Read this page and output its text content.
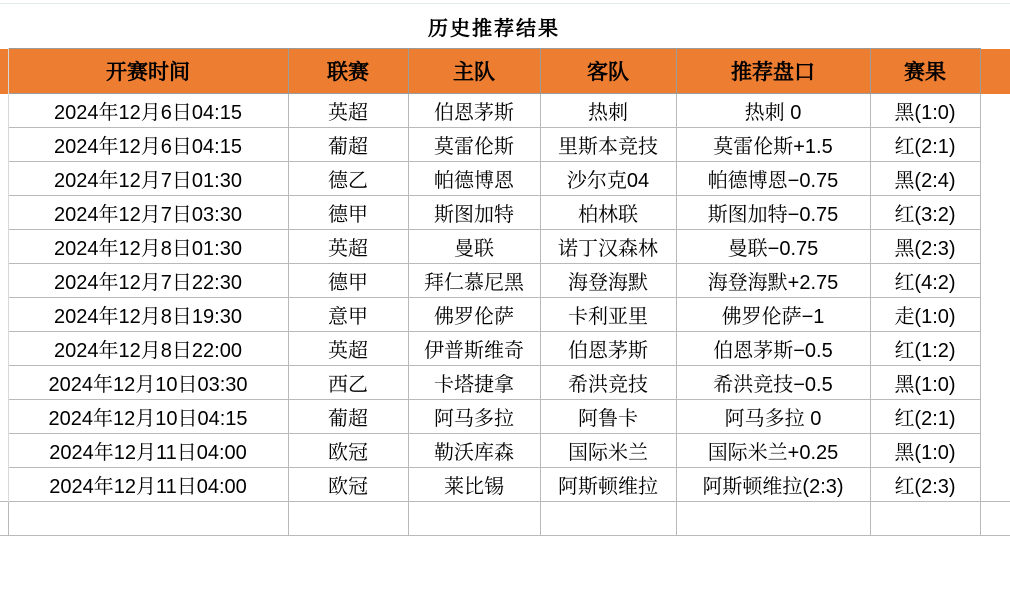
	历史推荐结果						
	开赛时间	联赛	主队	客队	推荐盘口	赛果	
	2024年12月6日04:15	英超	伯恩茅斯	热刺	热刺 0	黑(1:0)	
	2024年12月6日04:15	葡超	莫雷伦斯	里斯本竞技	莫雷伦斯+1.5	红(2:1)	
	2024年12月7日01:30	德乙	帕德博恩	沙尔克04	帕德博恩−0.75	黑(2:4)	
	2024年12月7日03:30	德甲	斯图加特	柏林联	斯图加特−0.75	红(3:2)	
	2024年12月8日01:30	英超	曼联	诺丁汉森林	曼联−0.75	黑(2:3)	
	2024年12月7日22:30	德甲	拜仁慕尼黑	海登海默	海登海默+2.75	红(4:2)	
	2024年12月8日19:30	意甲	佛罗伦萨	卡利亚里	佛罗伦萨−1	走(1:0)	
	2024年12月8日22:00	英超	伊普斯维奇	伯恩茅斯	伯恩茅斯−0.5	红(1:2)	
	2024年12月10日03:30	西乙	卡塔捷拿	希洪竞技	希洪竞技−0.5	黑(1:0)	
	2024年12月10日04:15	葡超	阿马多拉	阿鲁卡	阿马多拉 0	红(2:1)	
	2024年12月11日04:00	欧冠	勒沃库森	国际米兰	国际米兰+0.25	黑(1:0)	
	2024年12月11日04:00	欧冠	莱比锡	阿斯顿维拉	阿斯顿维拉(2:3)	红(2:3)	
